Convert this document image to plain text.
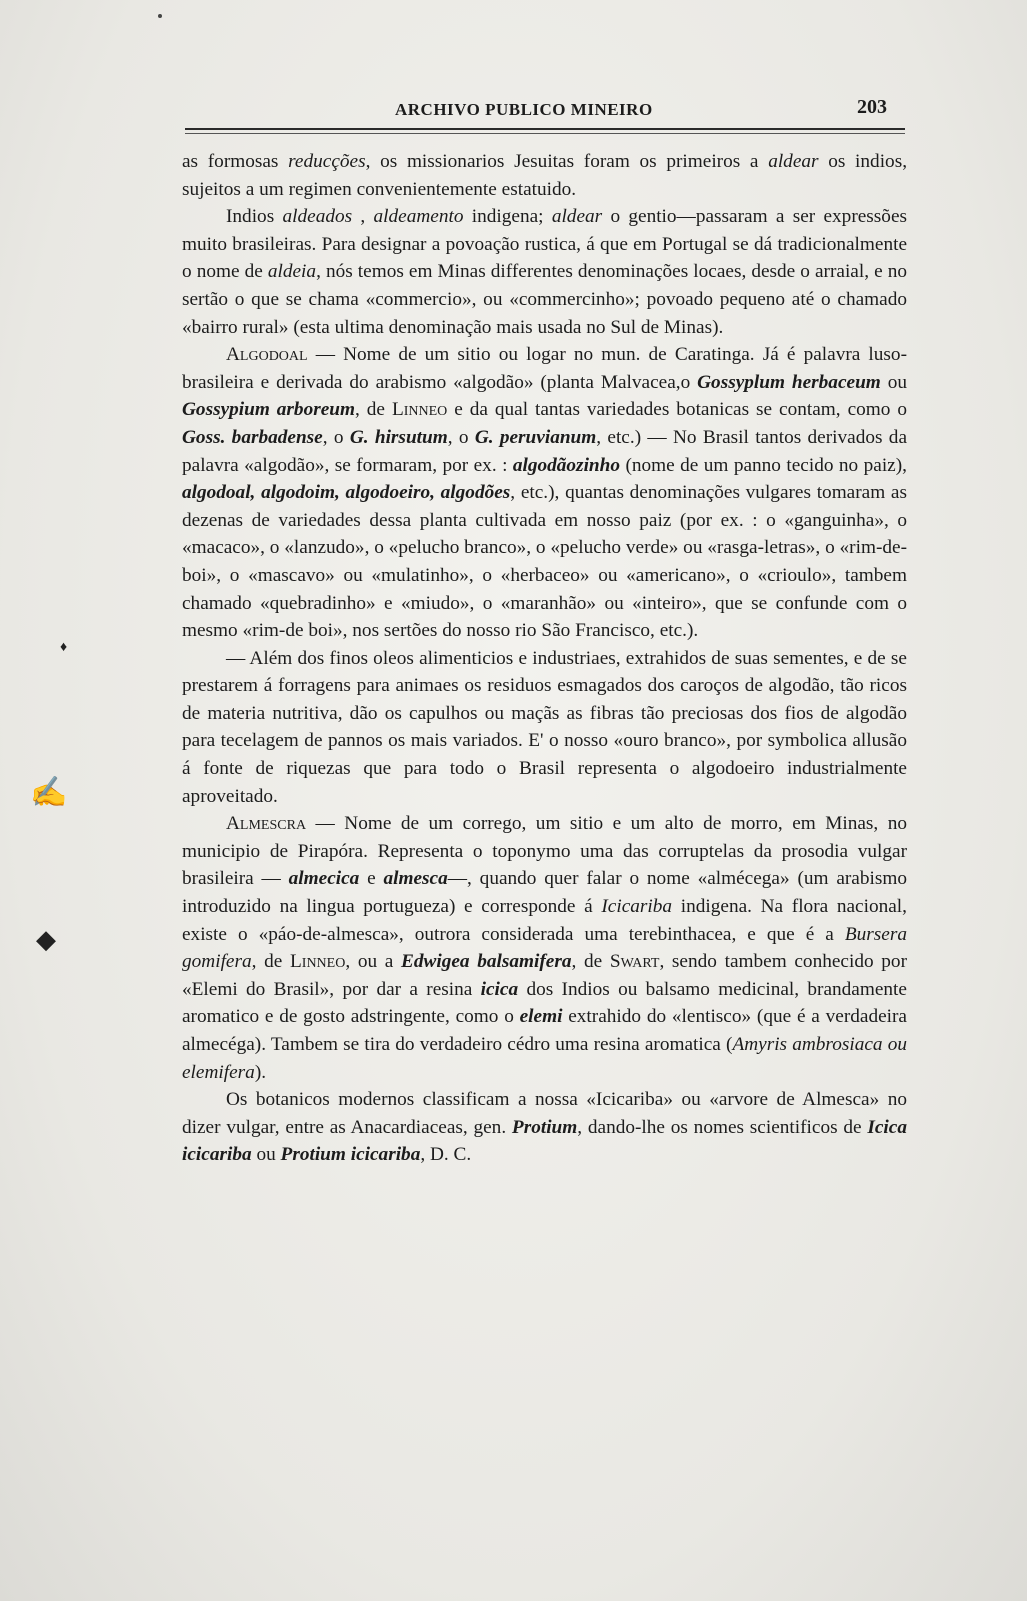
ARCHIVO PUBLICO MINEIRO	203
♦
✍
◆

as formosas reducções, os missionarios Jesuitas foram os primeiros a aldear os indios, sujeitos a um regimen convenientemente estatuido.

Indios aldeados , aldeamento indigena; aldear o gentio—passaram a ser expressões muito brasileiras. Para designar a povoação rustica, á que em Portugal se dá tradicionalmente o nome de aldeia, nós temos em Minas differentes denominações locaes, desde o arraial, e no sertão o que se chama «commercio», ou «commercinho»; povoado pequeno até o chamado «bairro rural» (esta ultima denominação mais usada no Sul de Minas).

Algodoal — Nome de um sitio ou logar no mun. de Caratinga. Já é palavra luso-brasileira e derivada do arabismo «algodão» (planta Malvacea,o Gossyplum herbaceum ou Gossypium arboreum, de Linneo e da qual tantas variedades botanicas se contam, como o Goss. barbadense, o G. hirsutum, o G. peruvianum, etc.) — No Brasil tantos derivados da palavra «algodão», se formaram, por ex. : algodãozinho (nome de um panno tecido no paiz), algodoal, algodoim, algodoeiro, algodões, etc.), quantas denominações vulgares tomaram as dezenas de variedades dessa planta cultivada em nosso paiz (por ex. : o «ganguinha», o «macaco», o «lanzudo», o «pelucho branco», o «pelucho verde» ou «rasga-letras», o «rim-de-boi», o «mascavo» ou «mulatinho», o «herbaceo» ou «americano», o «crioulo», tambem chamado «quebradinho» e «miudo», o «maranhão» ou «inteiro», que se confunde com o mesmo «rim-de boi», nos sertões do nosso rio São Francisco, etc.).

— Além dos finos oleos alimenticios e industriaes, extrahidos de suas sementes, e de se prestarem á forragens para animaes os residuos esmagados dos caroços de algodão, tão ricos de materia nutritiva, dão os capulhos ou maçãs as fibras tão preciosas dos fios de algodão para tecelagem de pannos os mais variados. E' o nosso «ouro branco», por symbolica allusão á fonte de riquezas que para todo o Brasil representa o algodoeiro industrialmente aproveitado.

Almescra — Nome de um corrego, um sitio e um alto de morro, em Minas, no municipio de Pirapóra. Representa o toponymo uma das corruptelas da prosodia vulgar brasileira — almecica e almesca—, quando quer falar o nome «almécega» (um arabismo introduzido na lingua portugueza) e corresponde á Icicariba indigena. Na flora nacional, existe o «páo-de-almesca», outrora considerada uma terebinthacea, e que é a Bursera gomifera, de Linneo, ou a Edwigea balsamifera, de Swart, sendo tambem conhecido por «Elemi do Brasil», por dar a resina icica dos Indios ou balsamo medicinal, brandamente aromatico e de gosto adstringente, como o elemi extrahido do «lentisco» (que é a verdadeira almecéga). Tambem se tira do verdadeiro cédro uma resina aromatica (Amyris ambrosiaca ou elemifera).

Os botanicos modernos classificam a nossa «Icicariba» ou «arvore de Almesca» no dizer vulgar, entre as Anacardiaceas, gen. Protium, dando-lhe os nomes scientificos de Icica icicariba ou Protium icicariba, D. C.
